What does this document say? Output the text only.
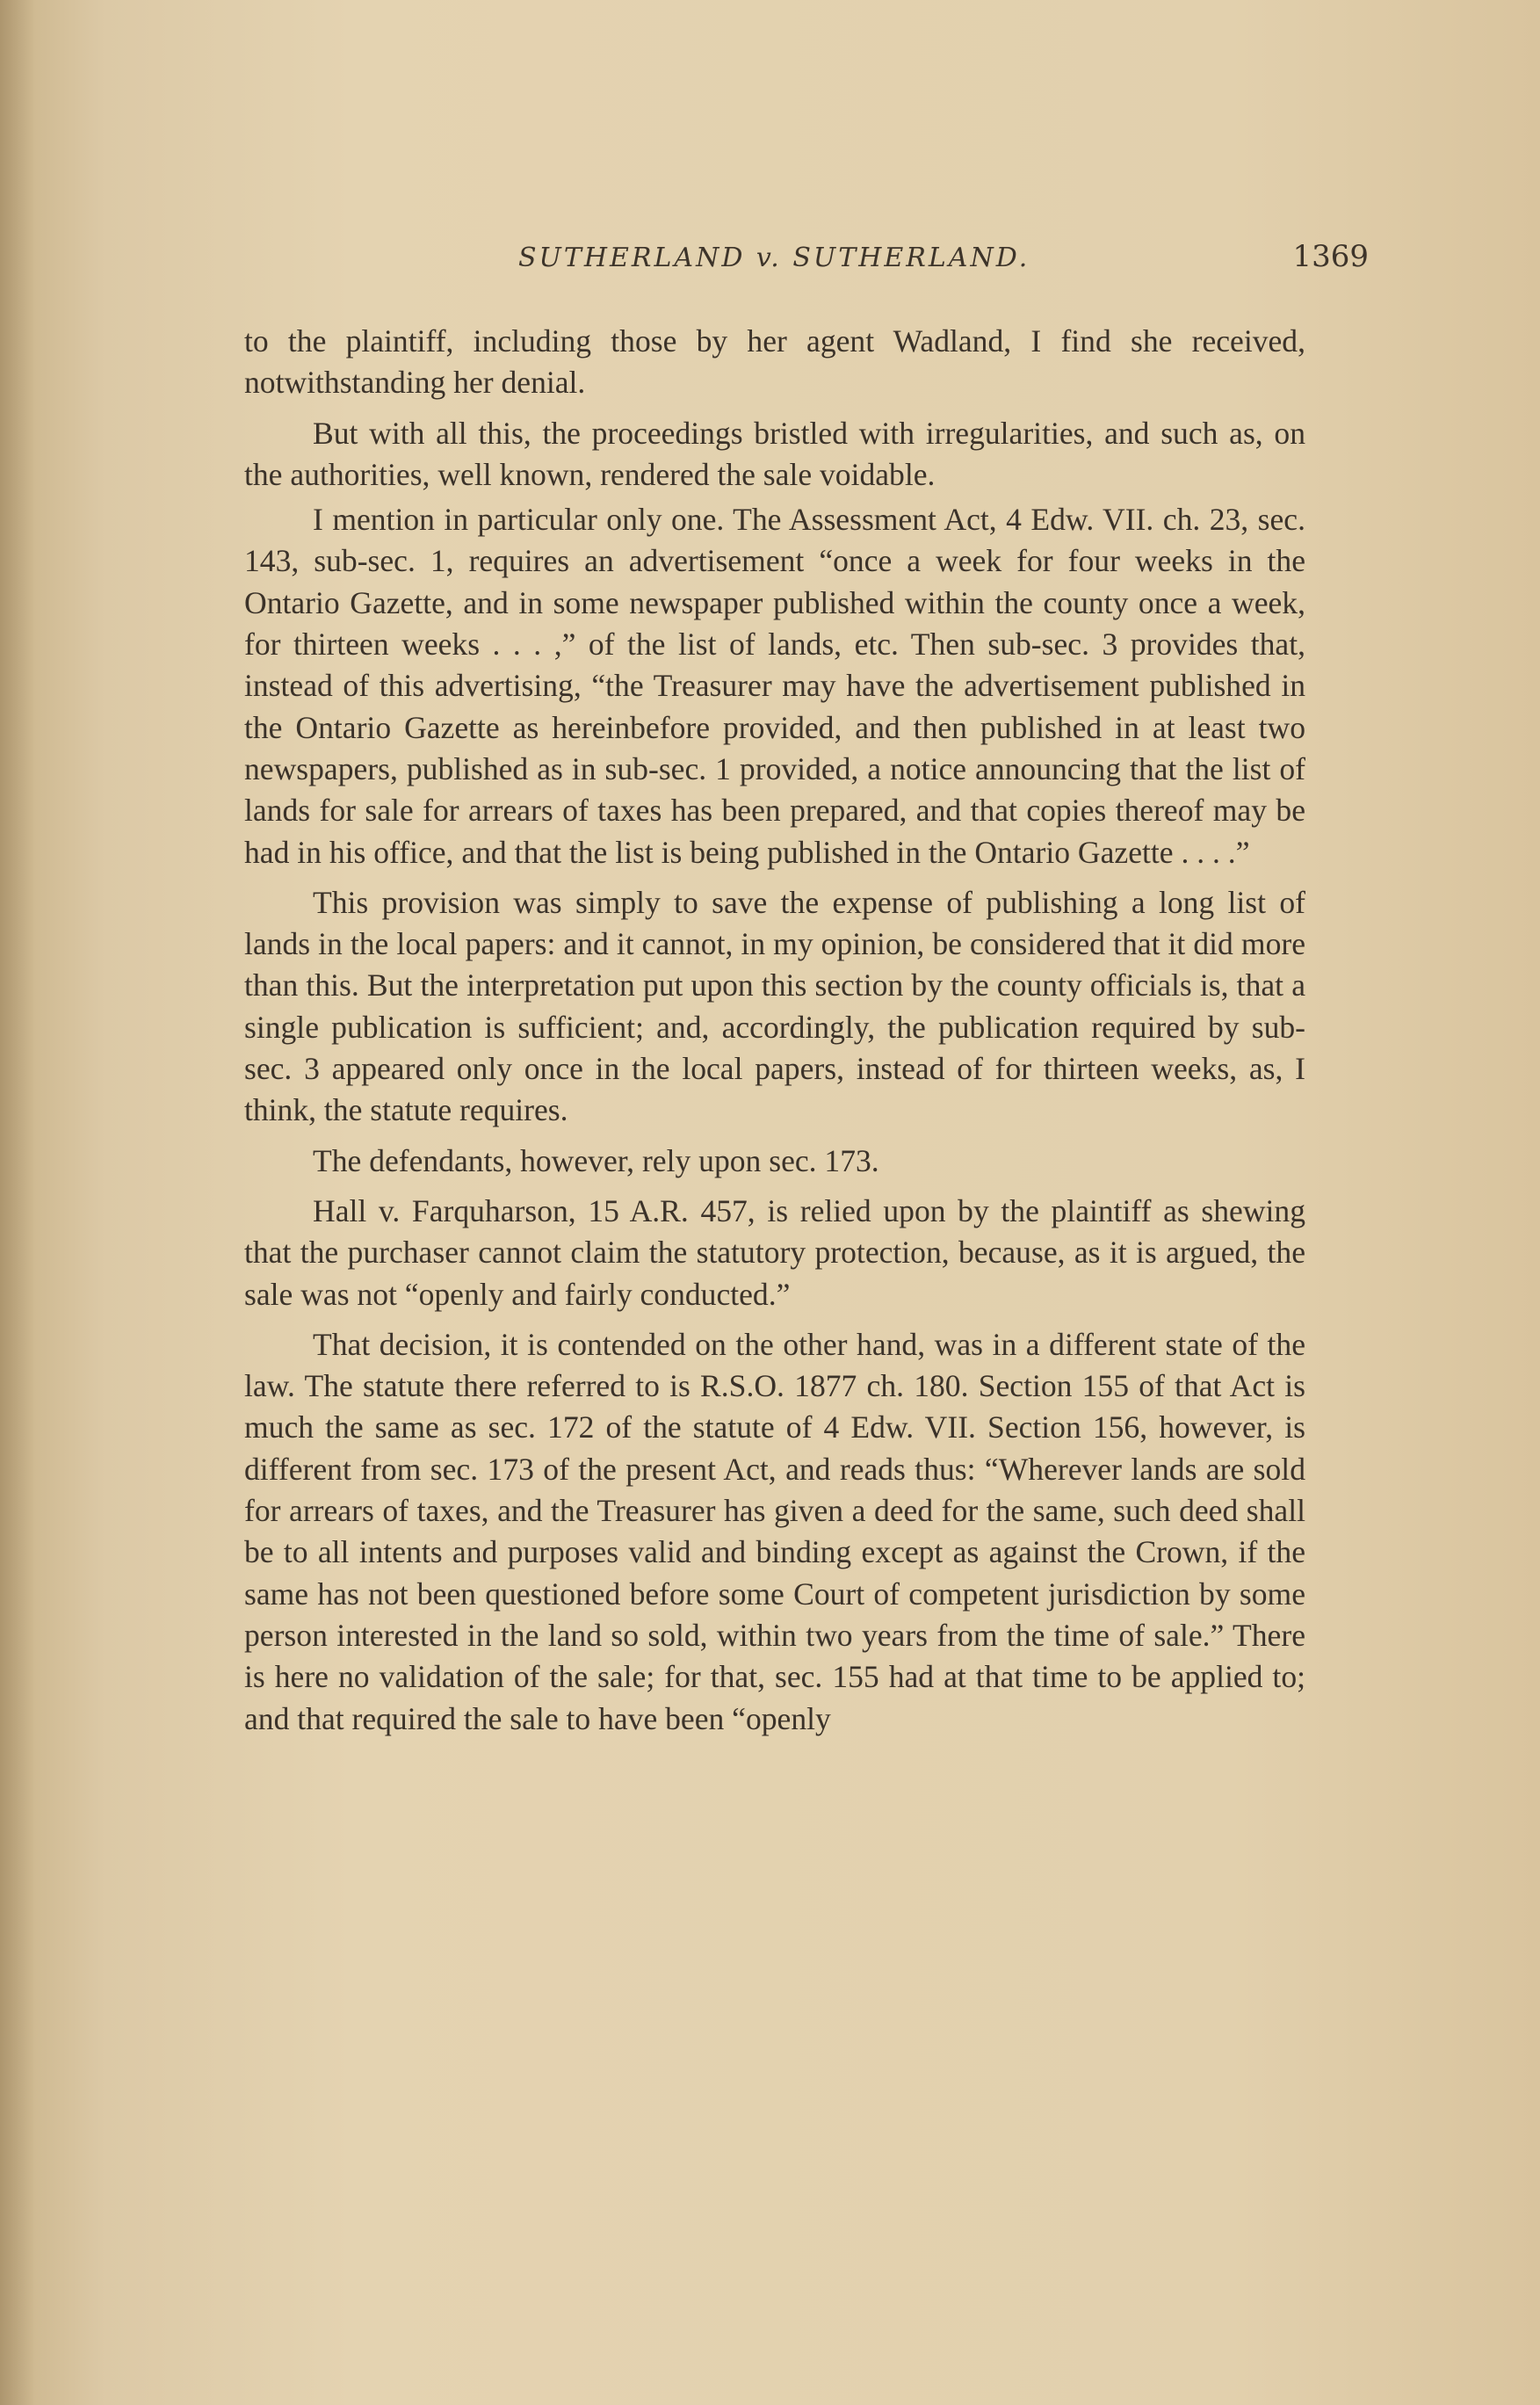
SUTHERLAND v. SUTHERLAND.	1369

to the plaintiff, including those by her agent Wadland, I find she received, notwithstanding her denial.

But with all this, the proceedings bristled with irregularities, and such as, on the authorities, well known, rendered the sale voidable.

I mention in particular only one. The Assessment Act, 4 Edw. VII. ch. 23, sec. 143, sub-sec. 1, requires an advertisement “once a week for four weeks in the Ontario Gazette, and in some newspaper published within the county once a week, for thirteen weeks . . . ,” of the list of lands, etc. Then sub-sec. 3 provides that, instead of this advertising, “the Treasurer may have the advertisement published in the Ontario Gazette as hereinbefore provided, and then published in at least two newspapers, published as in sub-sec. 1 provided, a notice announcing that the list of lands for sale for arrears of taxes has been prepared, and that copies thereof may be had in his office, and that the list is being published in the Ontario Gazette . . . .”

This provision was simply to save the expense of publishing a long list of lands in the local papers: and it cannot, in my opinion, be considered that it did more than this. But the interpretation put upon this section by the county officials is, that a single publication is sufficient; and, accordingly, the publication required by sub-sec. 3 appeared only once in the local papers, instead of for thirteen weeks, as, I think, the statute requires.

The defendants, however, rely upon sec. 173.

Hall v. Farquharson, 15 A.R. 457, is relied upon by the plaintiff as shewing that the purchaser cannot claim the statutory protection, because, as it is argued, the sale was not “openly and fairly conducted.”

That decision, it is contended on the other hand, was in a different state of the law. The statute there referred to is R.S.O. 1877 ch. 180. Section 155 of that Act is much the same as sec. 172 of the statute of 4 Edw. VII. Section 156, however, is different from sec. 173 of the present Act, and reads thus: “Wherever lands are sold for arrears of taxes, and the Treasurer has given a deed for the same, such deed shall be to all intents and purposes valid and binding except as against the Crown, if the same has not been questioned before some Court of competent jurisdiction by some person interested in the land so sold, within two years from the time of sale.” There is here no validation of the sale; for that, sec. 155 had at that time to be applied to; and that required the sale to have been “openly
